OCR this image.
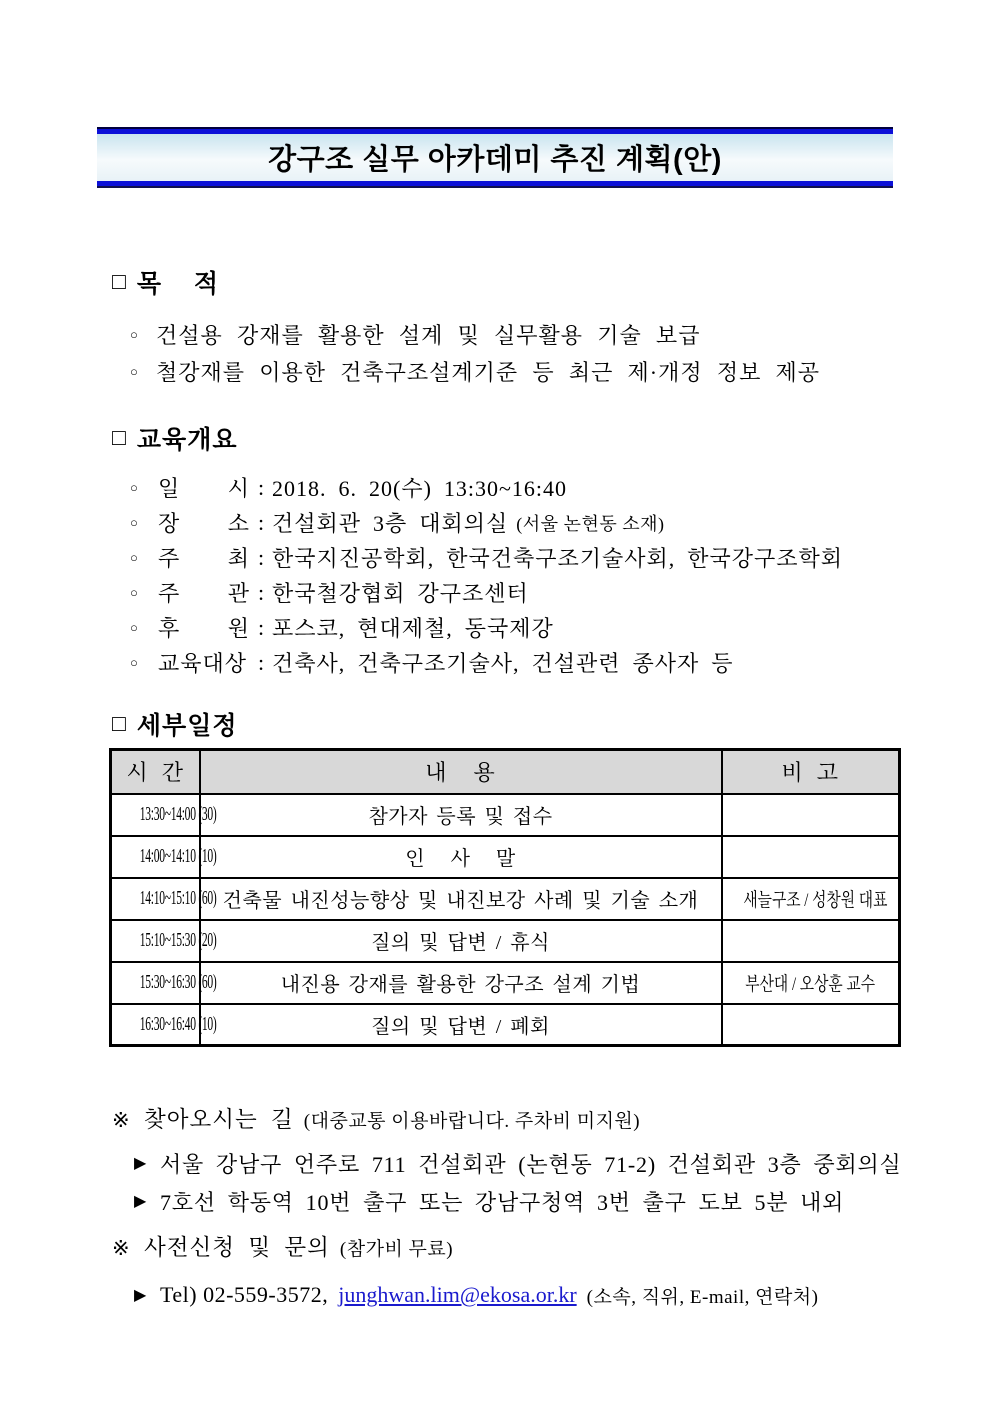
강구조 실무 아카데미 추진 계획(안)
□ 목    적
○ 건설용 강재를 활용한 설계 및 실무활용 기술 보급
○ 철강재를 이용한 건축구조설계기준 등 최근 제·개정 정보 제공
□ 교육개요
○ 일 시 : 2018. 6. 20(수) 13:30~16:40
○ 장 소 : 건설회관 3층 대회의실 (서울 논현동 소재)
○ 주 최 : 한국지진공학회, 한국건축구조기술사회, 한국강구조학회
○ 주 관 : 한국철강협회 강구조센터
○ 후 원 : 포스코, 현대제철, 동국제강
○ 교육대상 : 건축사, 건축구조기술사, 건설관련 종사자 등
□ 세부일정
시  간	내    용	비  고
13:30~14:00 (30)	참가자 등록 및 접수	
14:00~14:10 (10)	인   사   말	
14:10~15:10 (60)	건축물 내진성능향상 및 내진보강 사례 및 기술 소개	새늘구조 / 성창원 대표
15:10~15:30 (20)	질의 및 답변 / 휴식	
15:30~16:30 (60)	내진용 강재를 활용한 강구조 설계 기법	부산대 / 오상훈 교수
16:30~16:40 (10)	질의 및 답변 / 폐회	
※ 찾아오시는 길 (대중교통 이용바랍니다. 주차비 미지원)
▶ 서울 강남구 언주로 711 건설회관 (논현동 71-2) 건설회관 3층 중회의실
▶ 7호선 학동역 10번 출구 또는 강남구청역 3번 출구 도보 5분 내외
※ 사전신청 및 문의 (참가비 무료)
▶ Tel) 02-559-3572, junghwan.lim@ekosa.or.kr (소속, 직위, E-mail, 연락처)
